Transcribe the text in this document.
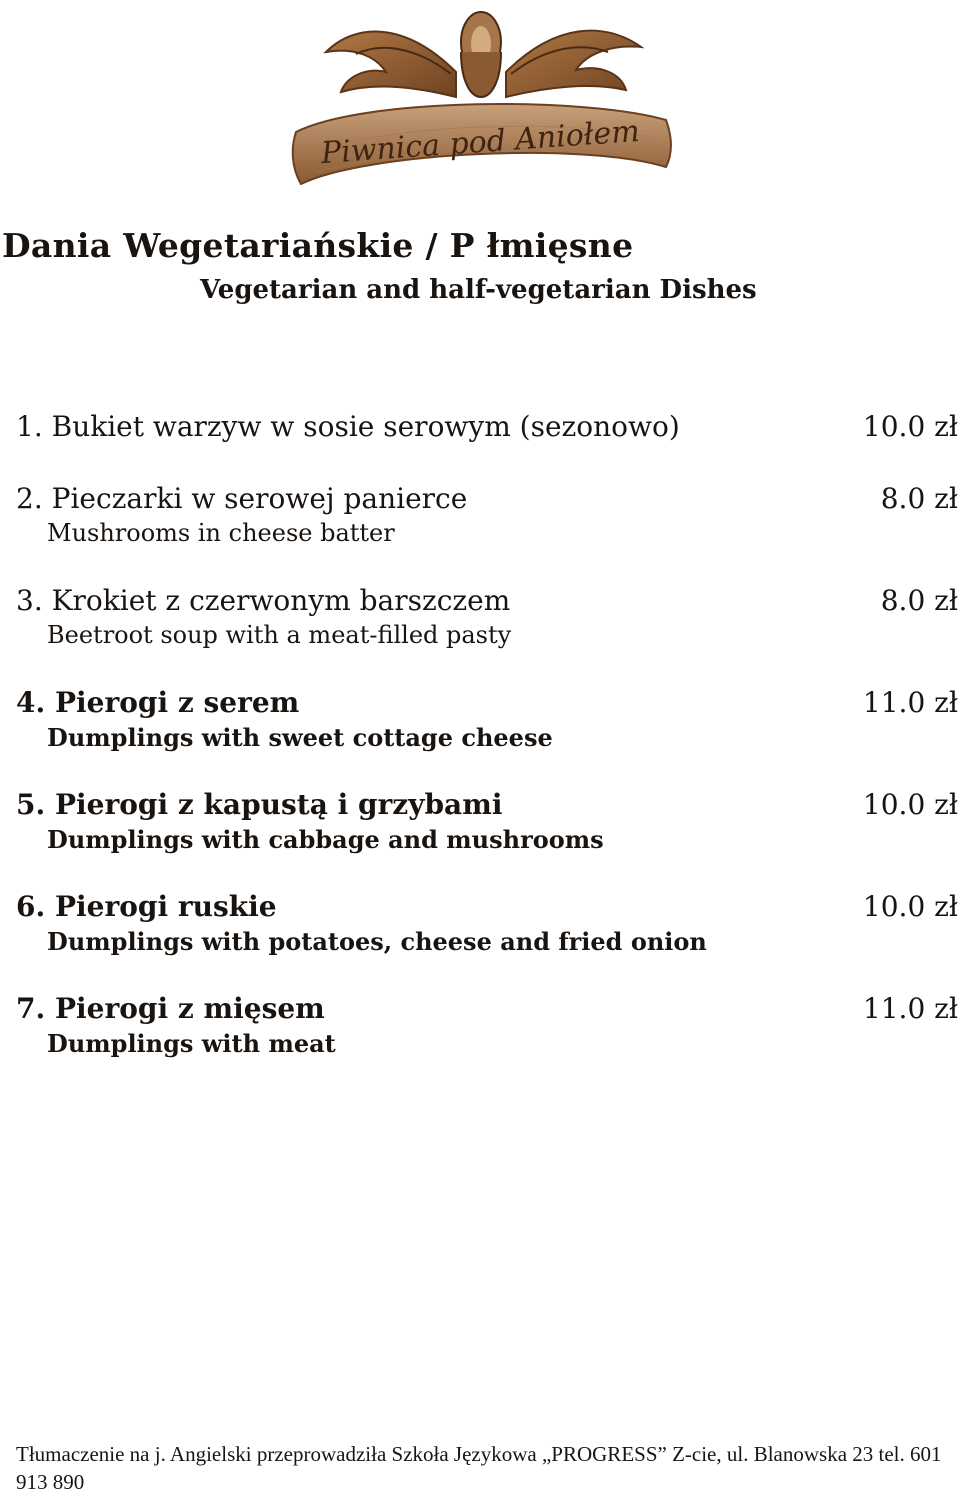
Piwnica pod Aniołem
Dania Wegetariańskie / P łmięsne
Vegetarian and half-vegetarian Dishes
1. Bukiet warzyw w sosie serowym (sezonowo)	10.0 zł
2. Pieczarki w serowej panierce	8.0 zł
Mushrooms in cheese batter
3. Krokiet z czerwonym barszczem	8.0 zł
Beetroot soup with a meat-filled pasty
4. Pierogi z serem	11.0 zł
Dumplings with sweet cottage cheese
5. Pierogi z kapustą i grzybami	10.0 zł
Dumplings with cabbage and mushrooms
6. Pierogi ruskie	10.0 zł
Dumplings with potatoes, cheese and fried onion
7. Pierogi z mięsem	11.0 zł
Dumplings with meat
Tłumaczenie na j. Angielski przeprowadziła Szkoła Językowa „PROGRESS” Z-cie, ul. Blanowska 23 tel. 601 913 890
